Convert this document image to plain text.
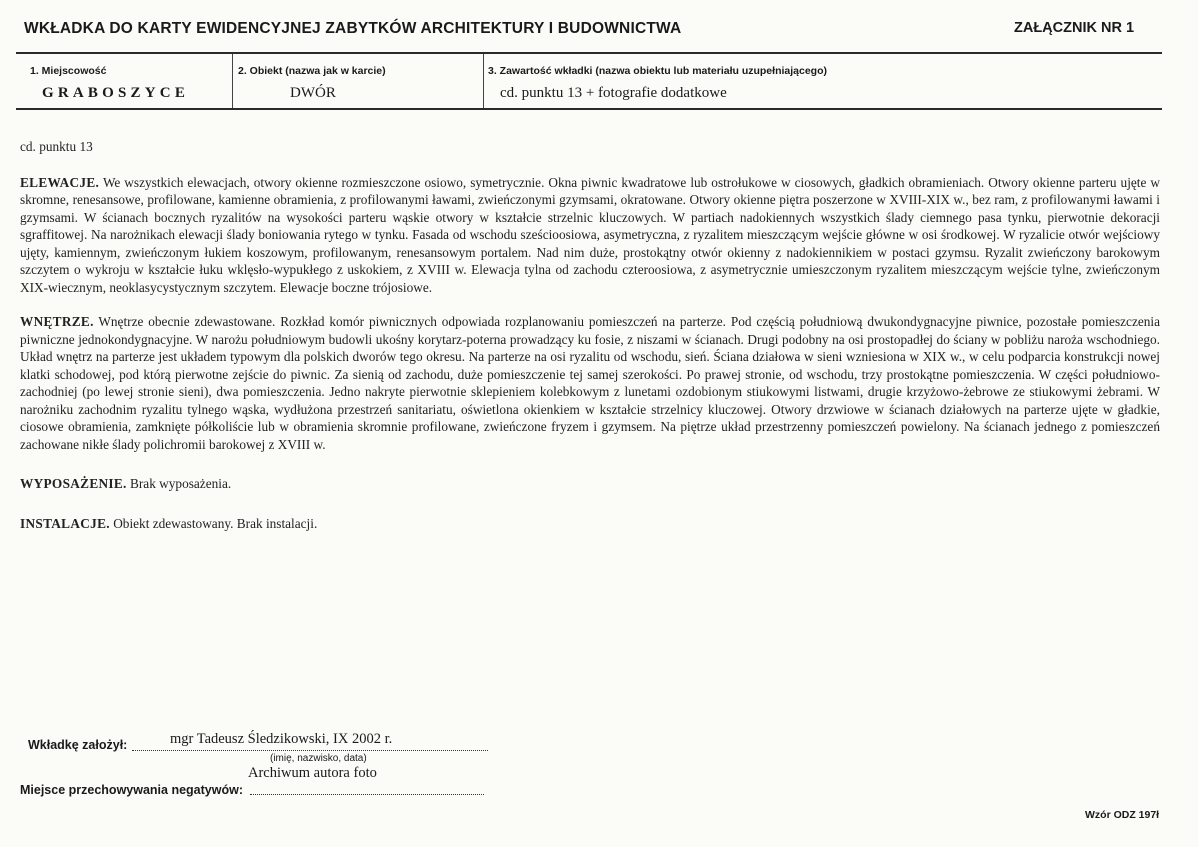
WKŁADKA DO KARTY EWIDENCYJNEJ ZABYTKÓW ARCHITEKTURY I BUDOWNICTWA	ZAŁĄCZNIK NR 1
1. Miejscowość
GRABOSZYCE
2. Obiekt (nazwa jak w karcie)
DWÓR
3. Zawartość wkładki (nazwa obiektu lub materiału uzupełniającego)
cd. punktu 13 + fotografie dodatkowe

cd. punktu 13

ELEWACJE. We wszystkich elewacjach, otwory okienne rozmieszczone osiowo, symetrycznie. Okna piwnic kwadratowe lub ostrołukowe w ciosowych, gładkich obramieniach. Otwory okienne parteru ujęte w skromne, renesansowe, profilowane, kamienne obramienia, z profilowanymi ławami, zwieńczonymi gzymsami, okratowane. Otwory okienne piętra poszerzone w XVIII-XIX w., bez ram, z profilowanymi ławami i gzymsami. W ścianach bocznych ryzalitów na wysokości parteru wąskie otwory w kształcie strzelnic kluczowych. W partiach nadokiennych wszystkich ślady ciemnego pasa tynku, pierwotnie dekoracji sgraffitowej. Na narożnikach elewacji ślady boniowania rytego w tynku. Fasada od wschodu sześcioosiowa, asymetryczna, z ryzalitem mieszczącym wejście główne w osi środkowej. W ryzalicie otwór wejściowy ujęty, kamiennym, zwieńczonym łukiem koszowym, profilowanym, renesansowym portalem. Nad nim duże, prostokątny otwór okienny z nadokiennikiem w postaci gzymsu. Ryzalit zwieńczony barokowym szczytem o wykroju w kształcie łuku wklęsło-wypukłego z uskokiem, z XVIII w. Elewacja tylna od zachodu czteroosiowa, z asymetrycznie umieszczonym ryzalitem mieszczącym wejście tylne, zwieńczonym XIX-wiecznym, neoklasycystycznym szczytem. Elewacje boczne trójosiowe.

WNĘTRZE. Wnętrze obecnie zdewastowane. Rozkład komór piwnicznych odpowiada rozplanowaniu pomieszczeń na parterze. Pod częścią południową dwukondygnacyjne piwnice, pozostałe pomieszczenia piwniczne jednokondygnacyjne. W narożu południowym budowli ukośny korytarz-poterna prowadzący ku fosie, z niszami w ścianach. Drugi podobny na osi prostopadłej do ściany w pobliżu naroża wschodniego. Układ wnętrz na parterze jest układem typowym dla polskich dworów tego okresu. Na parterze na osi ryzalitu od wschodu, sień. Ściana działowa w sieni wzniesiona w XIX w., w celu podparcia konstrukcji nowej klatki schodowej, pod którą pierwotne zejście do piwnic. Za sienią od zachodu, duże pomieszczenie tej samej szerokości. Po prawej stronie, od wschodu, trzy prostokątne pomieszczenia. W części południowo-zachodniej (po lewej stronie sieni), dwa pomieszczenia. Jedno nakryte pierwotnie sklepieniem kolebkowym z lunetami ozdobionym stiukowymi listwami, drugie krzyżowo-żebrowe ze stiukowymi żebrami. W narożniku zachodnim ryzalitu tylnego wąska, wydłużona przestrzeń sanitariatu, oświetlona okienkiem w kształcie strzelnicy kluczowej. Otwory drzwiowe w ścianach działowych na parterze ujęte w gładkie, ciosowe obramienia, zamknięte półkoliście lub w obramienia skromnie profilowane, zwieńczone fryzem i gzymsem. Na piętrze układ przestrzenny pomieszczeń powielony. Na ścianach jednego z pomieszczeń zachowane nikłe ślady polichromii barokowej z XVIII w.

WYPOSAŻENIE. Brak wyposażenia.

INSTALACJE. Obiekt zdewastowany. Brak instalacji.

Wkładkę założył:	mgr Tadeusz Śledzikowski, IX 2002 r.
(imię, nazwisko, data)
Archiwum autora foto
Miejsce przechowywania negatywów:
Wzór ODZ 197ł
